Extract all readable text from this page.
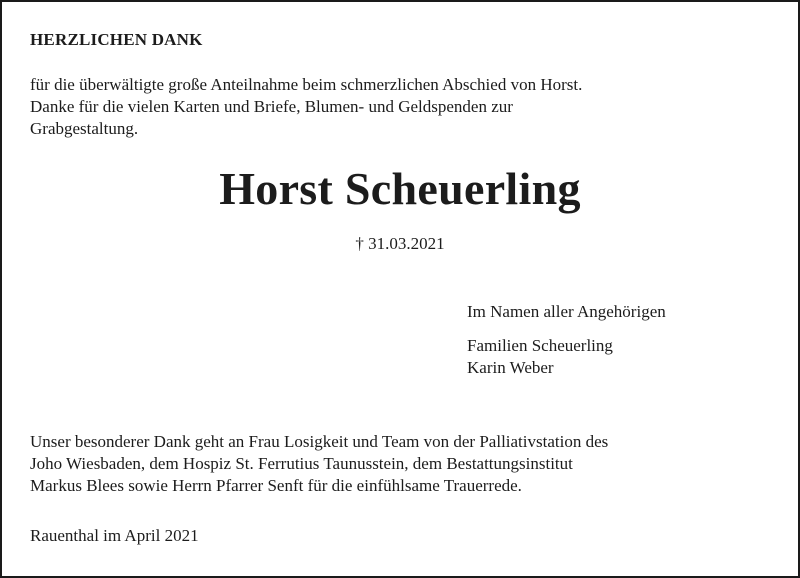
HERZLICHEN DANK

für die überwältigte große Anteilnahme beim schmerzlichen Abschied von Horst.
Danke für die vielen Karten und Briefe, Blumen- und Geldspenden zur
Grabgestaltung.

Horst Scheuerling

† 31.03.2021

Im Namen aller Angehörigen
Familien Scheuerling
Karin Weber

Unser besonderer Dank geht an Frau Losigkeit und Team von der Palliativstation des
Joho Wiesbaden, dem Hospiz St. Ferrutius Taunusstein, dem Bestattungsinstitut
Markus Blees sowie Herrn Pfarrer Senft für die einfühlsame Trauerrede.

Rauenthal im April 2021
